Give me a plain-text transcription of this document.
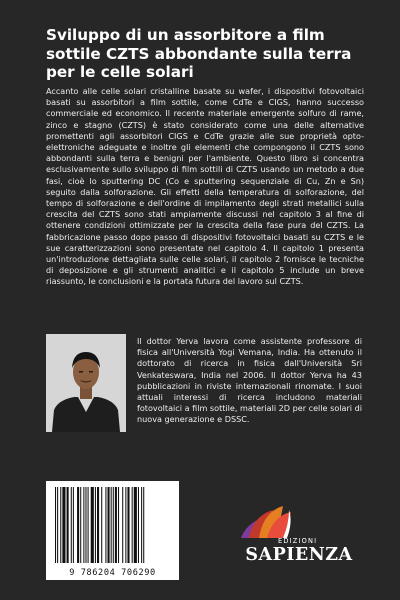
Sviluppo di un assorbitore a film sottile CZTS abbondante sulla terra per le celle solari

Accanto alle celle solari cristalline basate su wafer, i dispositivi fotovoltaici basati su assorbitori a film sottile, come CdTe e CIGS, hanno successo commerciale ed economico. Il recente materiale emergente solfuro di rame, zinco e stagno (CZTS) è stato considerato come una delle alternative promettenti agli assorbitori CIGS e CdTe grazie alle sue proprietà opto-elettroniche adeguate e inoltre gli elementi che compongono il CZTS sono abbondanti sulla terra e benigni per l'ambiente. Questo libro si concentra esclusivamente sullo sviluppo di film sottili di CZTS usando un metodo a due fasi, cioè lo sputtering DC (Co e sputtering sequenziale di Cu, Zn e Sn) seguito dalla solforazione. Gli effetti della temperatura di solforazione, del tempo di solforazione e dell'ordine di impilamento degli strati metallici sulla crescita del CZTS sono stati ampiamente discussi nel capitolo 3 al fine di ottenere condizioni ottimizzate per la crescita della fase pura del CZTS. La fabbricazione passo dopo passo di dispositivi fotovoltaici basati su CZTS e le sue caratterizzazioni sono presentate nel capitolo 4. Il capitolo 1 presenta un'introduzione dettagliata sulle celle solari, il capitolo 2 fornisce le tecniche di deposizione e gli strumenti analitici e il capitolo 5 include un breve riassunto, le conclusioni e la portata futura del lavoro sul CZTS.

Il dottor Yerva lavora come assistente professore di fisica all'Università Yogi Vemana, India. Ha ottenuto il dottorato di ricerca in fisica dall'Università Sri Venkateswara, India nel 2006. Il dottor Yerva ha 43 pubblicazioni in riviste internazionali rinomate. I suoi attuali interessi di ricerca includono materiali fotovoltaici a film sottile, materiali 2D per celle solari di nuova generazione e DSSC.

9 786204 706290
EDIZIONI
SAPIENZA
